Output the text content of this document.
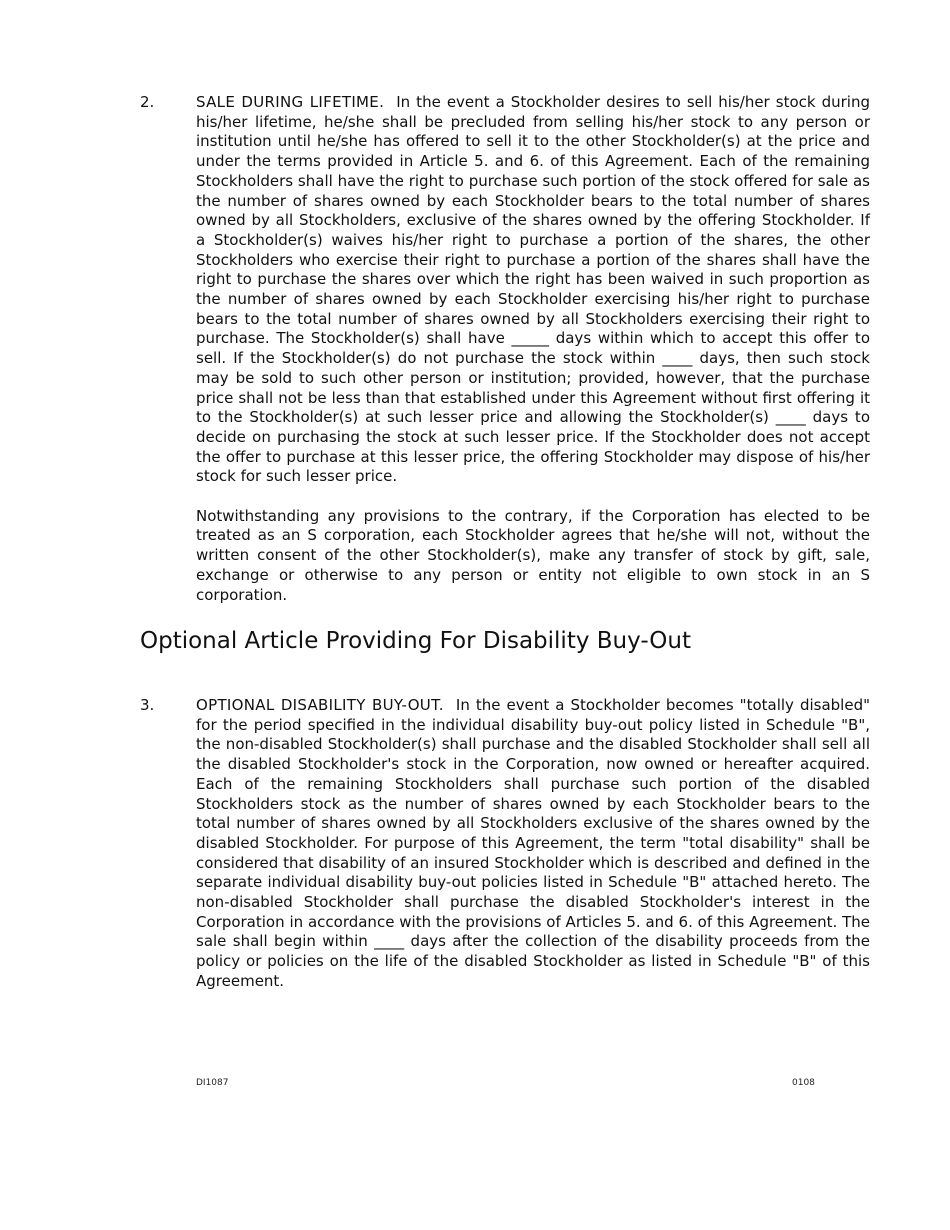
2.	SALE DURING LIFETIME. In the event a Stockholder desires to sell his/her stock during his/her lifetime, he/she shall be precluded from selling his/her stock to any person or institution until he/she has offered to sell it to the other Stockholder(s) at the price and under the terms provided in Article 5. and 6. of this Agreement. Each of the remaining Stockholders shall have the right to purchase such portion of the stock offered for sale as the number of shares owned by each Stockholder bears to the total number of shares owned by all Stockholders, exclusive of the shares owned by the offering Stockholder. If a Stockholder(s) waives his/her right to purchase a portion of the shares, the other Stockholders who exercise their right to purchase a portion of the shares shall have the right to purchase the shares over which the right has been waived in such proportion as the number of shares owned by each Stockholder exercising his/her right to purchase bears to the total number of shares owned by all Stockholders exercising their right to purchase. The Stockholder(s) shall have _____ days within which to accept this offer to sell. If the Stockholder(s) do not purchase the stock within ____ days, then such stock may be sold to such other person or institution; provided, however, that the purchase price shall not be less than that established under this Agreement without first offering it to the Stockholder(s) at such lesser price and allowing the Stockholder(s) ____ days to decide on purchasing the stock at such lesser price. If the Stockholder does not accept the offer to purchase at this lesser price, the offering Stockholder may dispose of his/her stock for such lesser price.

Notwithstanding any provisions to the contrary, if the Corporation has elected to be treated as an S corporation, each Stockholder agrees that he/she will not, without the written consent of the other Stockholder(s), make any transfer of stock by gift, sale, exchange or otherwise to any person or entity not eligible to own stock in an S corporation.

Optional Article Providing For Disability Buy-Out
3.	OPTIONAL DISABILITY BUY-OUT. In the event a Stockholder becomes "totally disabled" for the period specified in the individual disability buy-out policy listed in Schedule "B", the non-disabled Stockholder(s) shall purchase and the disabled Stockholder shall sell all the disabled Stockholder's stock in the Corporation, now owned or hereafter acquired. Each of the remaining Stockholders shall purchase such portion of the disabled Stockholders stock as the number of shares owned by each Stockholder bears to the total number of shares owned by all Stockholders exclusive of the shares owned by the disabled Stockholder. For purpose of this Agreement, the term "total disability" shall be considered that disability of an insured Stockholder which is described and defined in the separate individual disability buy-out policies listed in Schedule "B" attached hereto. The non-disabled Stockholder shall purchase the disabled Stockholder's interest in the Corporation in accordance with the provisions of Articles 5. and 6. of this Agreement. The sale shall begin within ____ days after the collection of the disability proceeds from the policy or policies on the life of the disabled Stockholder as listed in Schedule "B" of this Agreement.

DI1087	0108
